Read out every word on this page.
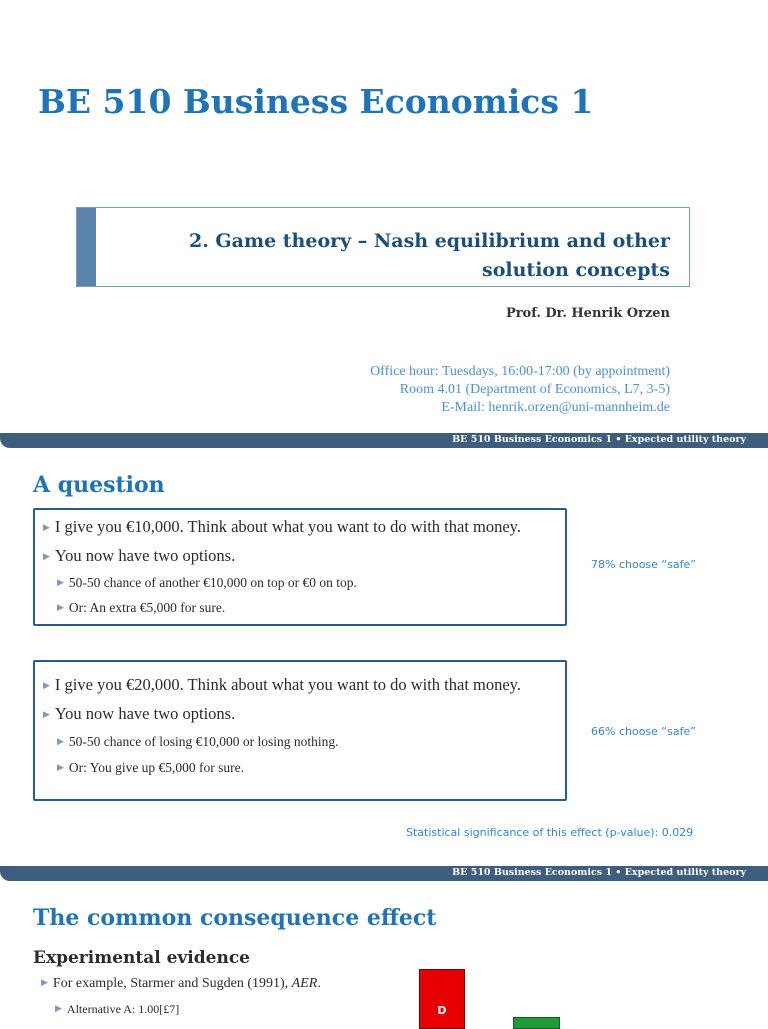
BE 510 Business Economics 1
2. Game theory – Nash equilibrium and other
solution concepts
Prof. Dr. Henrik Orzen
Office hour: Tuesdays, 16:00-17:00 (by appointment)
Room 4.01 (Department of Economics, L7, 3-5)
E-Mail: henrik.orzen@uni-mannheim.de
BE 510 Business Economics 1 • Expected utility theory
A question
▶ I give you €10,000. Think about what you want to do with that money.
▶ You now have two options.
▶ 50-50 chance of another €10,000 on top or €0 on top.
▶ Or: An extra €5,000 for sure.
78% choose “safe”
▶ I give you €20,000. Think about what you want to do with that money.
▶ You now have two options.
▶ 50-50 chance of losing €10,000 or losing nothing.
▶ Or: You give up €5,000 for sure.
66% choose “safe”
Statistical significance of this effect (p-value): 0.029
BE 510 Business Economics 1 • Expected utility theory
The common consequence effect
Experimental evidence
▶ For example, Starmer and Sugden (1991), AER.
▶ Alternative A: 1.00[£7]	D
